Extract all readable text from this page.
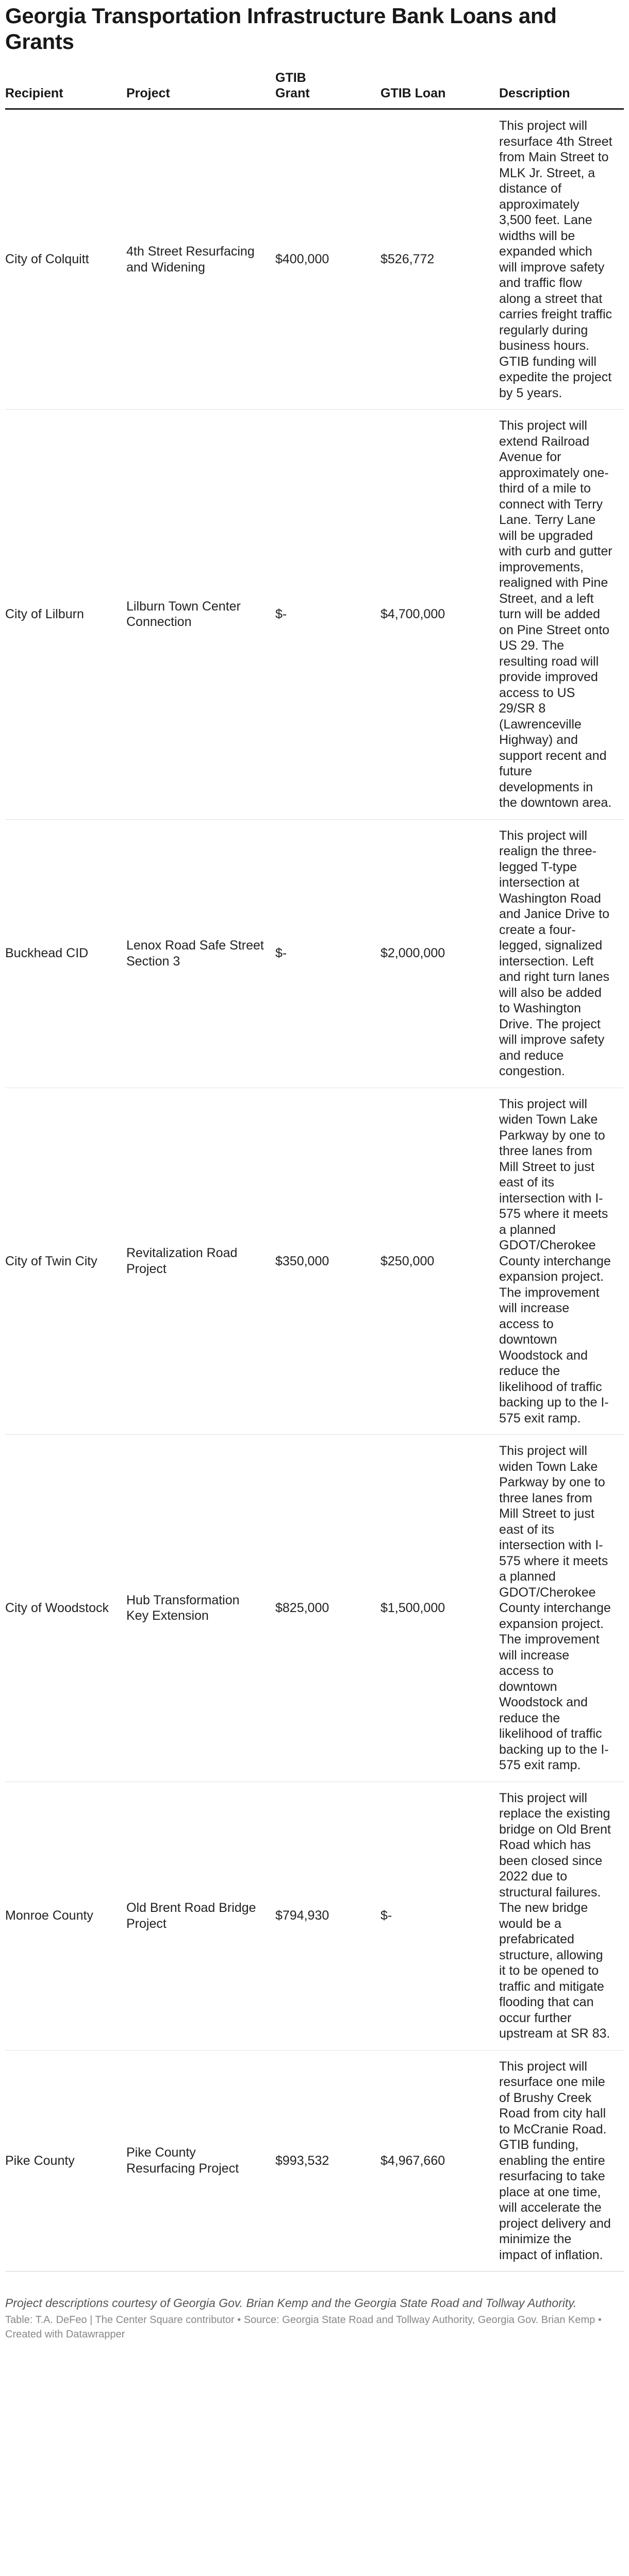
Georgia Transportation Infrastructure Bank Loans and Grants
Recipient	Project	GTIB Grant	GTIB Loan	Description

City of Colquitt	4th Street Resurfacing and Widening	$400,000	$526,772	This project will resurface 4th Street from Main Street to MLK Jr. Street, a distance of approximately 3,500 feet. Lane widths will be expanded which will improve safety and traffic flow along a street that carries freight traffic regularly during business hours. GTIB funding will expedite the project by 5 years.

City of Lilburn	Lilburn Town Center Connection	$-	$4,700,000	This project will extend Railroad Avenue for approximately one-third of a mile to connect with Terry Lane. Terry Lane will be upgraded with curb and gutter improvements, realigned with Pine Street, and a left turn will be added on Pine Street onto US 29. The resulting road will provide improved access to US 29/SR 8 (Lawrenceville Highway) and support recent and future developments in the downtown area.

Buckhead CID	Lenox Road Safe Street Section 3	$-	$2,000,000	This project will realign the three-legged T-type intersection at Washington Road and Janice Drive to create a four-legged, signalized intersection. Left and right turn lanes will also be added to Washington Drive. The project will improve safety and reduce congestion.

City of Twin City	Revitalization Road Project	$350,000	$250,000	This project will widen Town Lake Parkway by one to three lanes from Mill Street to just east of its intersection with I-575 where it meets a planned GDOT/Cherokee County interchange expansion project. The improvement will increase access to downtown Woodstock and reduce the likelihood of traffic backing up to the I-575 exit ramp.

City of Woodstock	Hub Transformation Key Extension	$825,000	$1,500,000	This project will widen Town Lake Parkway by one to three lanes from Mill Street to just east of its intersection with I-575 where it meets a planned GDOT/Cherokee County interchange expansion project. The improvement will increase access to downtown Woodstock and reduce the likelihood of traffic backing up to the I-575 exit ramp.

Monroe County	Old Brent Road Bridge Project	$794,930	$-	This project will replace the existing bridge on Old Brent Road which has been closed since 2022 due to structural failures. The new bridge would be a prefabricated structure, allowing it to be opened to traffic and mitigate flooding that can occur further upstream at SR 83.

Pike County	Pike County Resurfacing Project	$993,532	$4,967,660	This project will resurface one mile of Brushy Creek Road from city hall to McCranie Road. GTIB funding, enabling the entire resurfacing to take place at one time, will accelerate the project delivery and minimize the impact of inflation.
Project descriptions courtesy of Georgia Gov. Brian Kemp and the Georgia State Road and Tollway Authority.
Table: T.A. DeFeo | The Center Square contributor • Source: Georgia State Road and Tollway Authority, Georgia Gov. Brian Kemp • Created with Datawrapper
